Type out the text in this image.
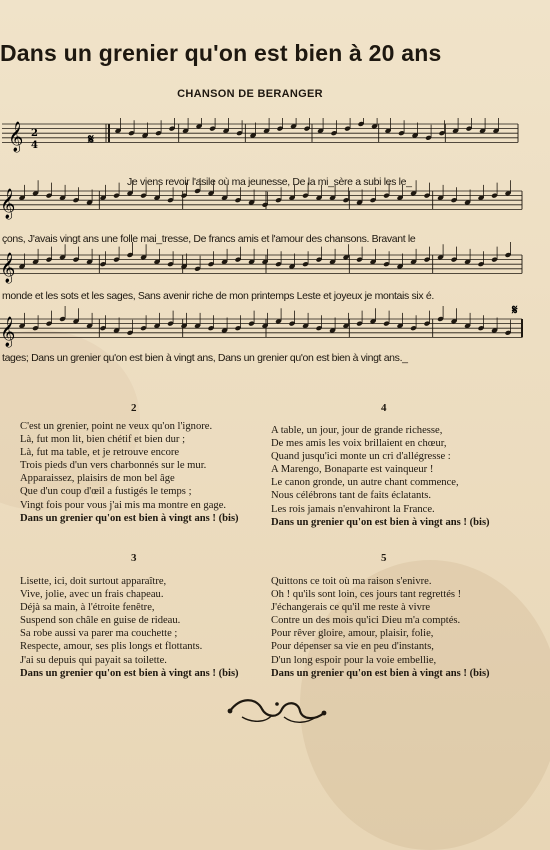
Dans un grenier qu'on est bien à 20 ans
CHANSON DE BERANGER
𝄞
𝄞
𝄞
𝄞
𝄋
𝄋
2
4
Je viens revoir l'asile où ma jeunesse, De la mi_sère a subi les le_
çons, J'avais vingt ans une folle mai_tresse, De francs amis et l'amour des chansons. Bravant le
monde et les sots et les sages, Sans avenir riche de mon printemps Leste et joyeux je montais six é.
tages; Dans un grenier qu'on est bien à vingt ans, Dans un grenier qu'on est bien à vingt ans._
2
C'est un grenier, point ne veux qu'on l'ignore.
Là, fut mon lit, bien chétif et bien dur ;
Là, fut ma table, et je retrouve encore
Trois pieds d'un vers charbonnés sur le mur.
Apparaissez, plaisirs de mon bel âge
Que d'un coup d'œil a fustigés le temps ;
Vingt fois pour vous j'ai mis ma montre en gage.
Dans un grenier qu'on est bien à vingt ans ! (bis)
3
Lisette, ici, doit surtout apparaître,
Vive, jolie, avec un frais chapeau.
Déjà sa main, à l'étroite fenêtre,
Suspend son châle en guise de rideau.
Sa robe aussi va parer ma couchette ;
Respecte, amour, ses plis longs et flottants.
J'ai su depuis qui payait sa toilette.
Dans un grenier qu'on est bien à vingt ans ! (bis)
4
A table, un jour, jour de grande richesse,
De mes amis les voix brillaient en chœur,
Quand jusqu'ici monte un cri d'allégresse :
A Marengo, Bonaparte est vainqueur !
Le canon gronde, un autre chant commence,
Nous célébrons tant de faits éclatants.
Les rois jamais n'envahiront la France.
Dans un grenier qu'on est bien à vingt ans ! (bis)
5
Quittons ce toit où ma raison s'enivre.
Oh ! qu'ils sont loin, ces jours tant regrettés !
J'échangerais ce qu'il me reste à vivre
Contre un des mois qu'ici Dieu m'a comptés.
Pour rêver gloire, amour, plaisir, folie,
Pour dépenser sa vie en peu d'instants,
D'un long espoir pour la voie embellie,
Dans un grenier qu'on est bien à vingt ans ! (bis)
